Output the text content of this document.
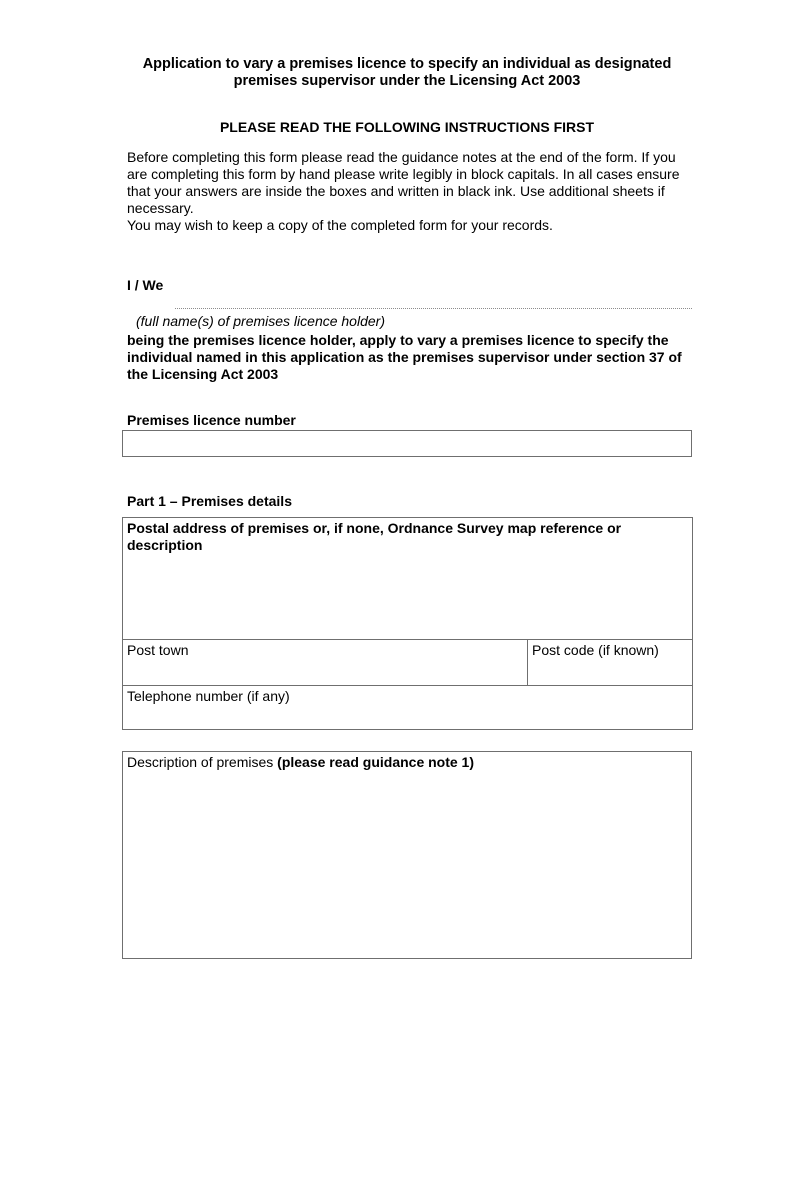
Application to vary a premises licence to specify an individual as designated premises supervisor under the Licensing Act 2003
PLEASE READ THE FOLLOWING INSTRUCTIONS FIRST
Before completing this form please read the guidance notes at the end of the form. If you are completing this form by hand please write legibly in block capitals. In all cases ensure that your answers are inside the boxes and written in black ink. Use additional sheets if necessary.
You may wish to keep a copy of the completed form for your records.
I / We
(full name(s) of premises licence holder)
being the premises licence holder, apply to vary a premises licence to specify the individual named in this application as the premises supervisor under section 37 of the Licensing Act 2003
Premises licence number
Part 1 – Premises details
Postal address of premises or, if none, Ordnance Survey map reference or description
Post town	Post code (if known)
Telephone number (if any)
Description of premises (please read guidance note 1)
